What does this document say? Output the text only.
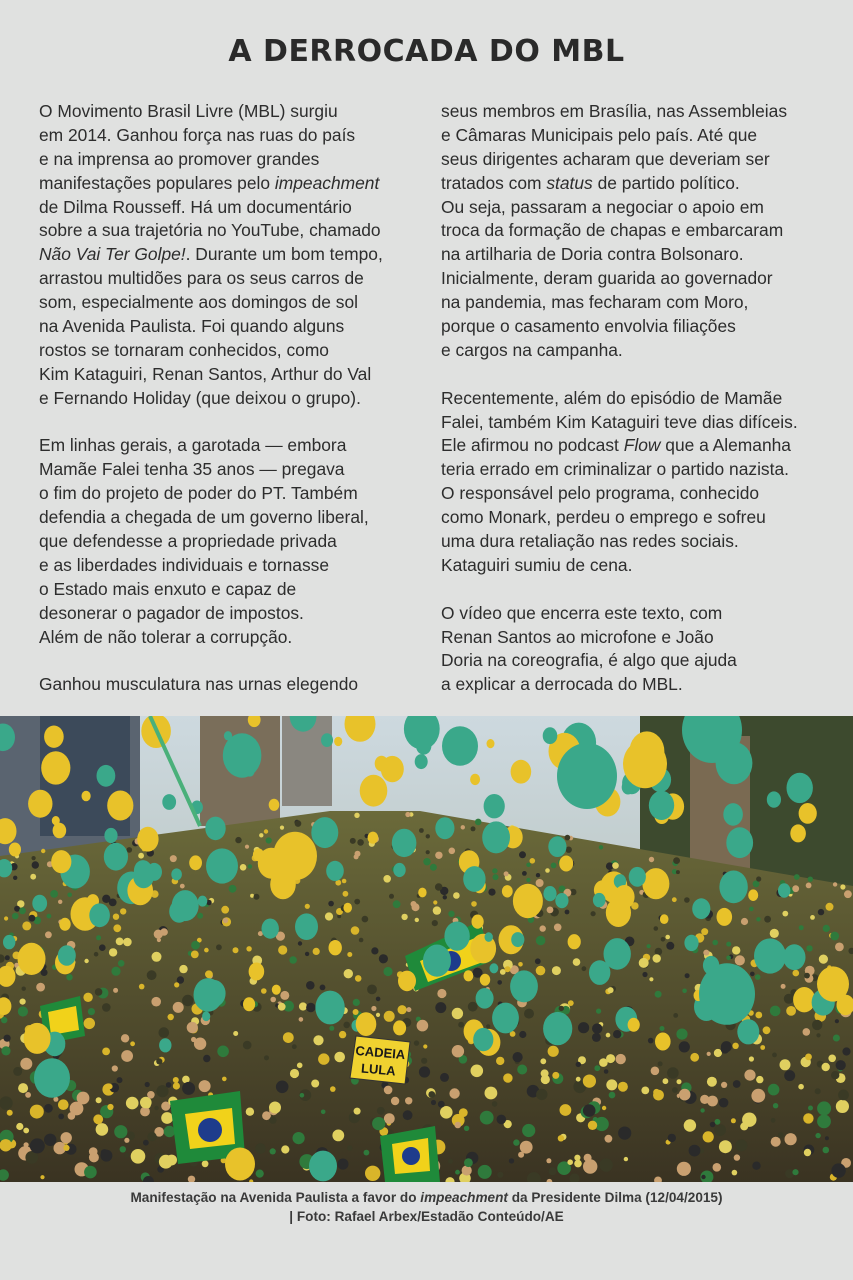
A DERROCADA DO MBL
O Movimento Brasil Livre (MBL) surgiu
em 2014. Ganhou força nas ruas do país
e na imprensa ao promover grandes
manifestações populares pelo impeachment
de Dilma Rousseff. Há um documentário
sobre a sua trajetória no YouTube, chamado
Não Vai Ter Golpe!. Durante um bom tempo,
arrastou multidões para os seus carros de
som, especialmente aos domingos de sol
na Avenida Paulista. Foi quando alguns
rostos se tornaram conhecidos, como
Kim Kataguiri, Renan Santos, Arthur do Val
e Fernando Holiday (que deixou o grupo).
Em linhas gerais, a garotada — embora
Mamãe Falei tenha 35 anos — pregava
o fim do projeto de poder do PT. Também
defendia a chegada de um governo liberal,
que defendesse a propriedade privada
e as liberdades individuais e tornasse
o Estado mais enxuto e capaz de
desonerar o pagador de impostos.
Além de não tolerar a corrupção.
Ganhou musculatura nas urnas elegendo
seus membros em Brasília, nas Assembleias
e Câmaras Municipais pelo país. Até que
seus dirigentes acharam que deveriam ser
tratados com status de partido político.
Ou seja, passaram a negociar o apoio em
troca da formação de chapas e embarcaram
na artilharia de Doria contra Bolsonaro.
Inicialmente, deram guarida ao governador
na pandemia, mas fecharam com Moro,
porque o casamento envolvia filiações
e cargos na campanha.
Recentemente, além do episódio de Mamãe
Falei, também Kim Kataguiri teve dias difíceis.
Ele afirmou no podcast Flow que a Alemanha
teria errado em criminalizar o partido nazista.
O responsável pelo programa, conhecido
como Monark, perdeu o emprego e sofreu
uma dura retaliação nas redes sociais.
Kataguiri sumiu de cena.
O vídeo que encerra este texto, com
Renan Santos ao microfone e João
Doria na coreografia, é algo que ajuda
a explicar a derrocada do MBL.
CADEIA
LULA
Manifestação na Avenida Paulista a favor do impeachment da Presidente Dilma (12/04/2015)
| Foto: Rafael Arbex/Estadão Conteúdo/AE
